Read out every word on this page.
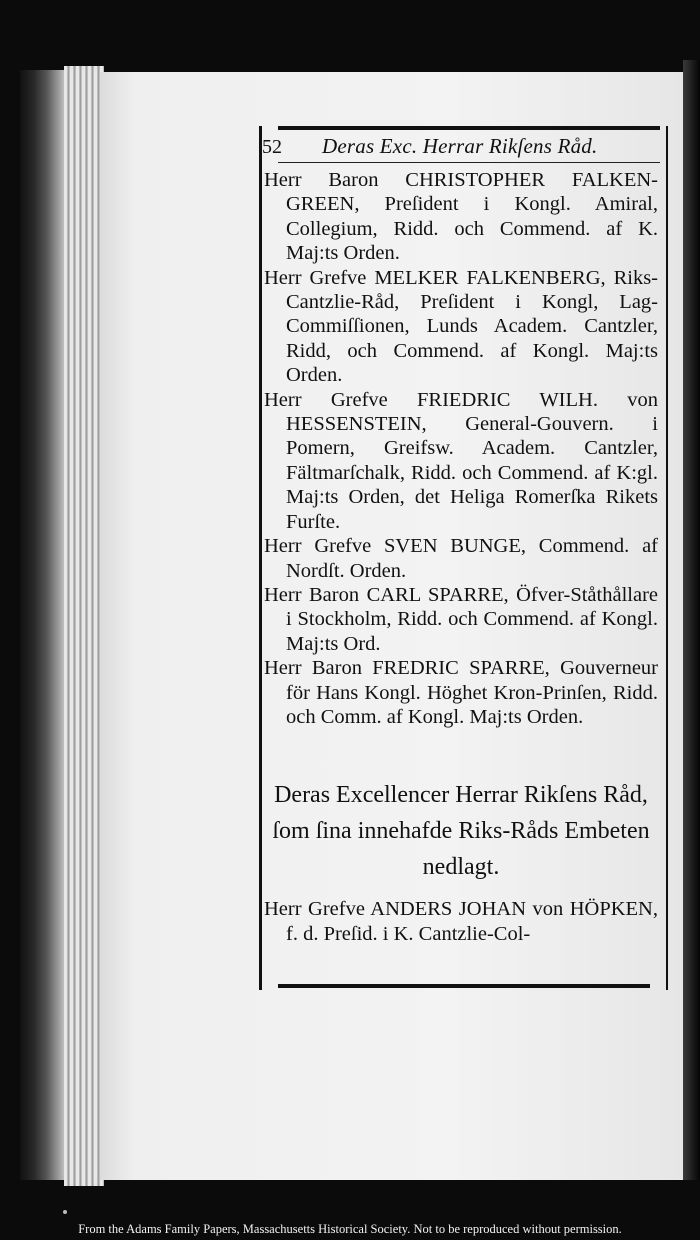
52 Deras Exc. Herrar Rikſens Råd.

Herr Baron CHRISTOPHER FALKEN-GREEN, Preſident i Kongl. Amiral, Collegium, Ridd. och Commend. af K. Maj:ts Orden.

Herr Grefve MELKER FALKENBERG, Riks-Cantzlie-Råd, Preſident i Kongl, Lag-Commiſſionen, Lunds Academ. Cantzler, Ridd, och Commend. af Kongl. Maj:ts Orden.

Herr Grefve FRIEDRIC WILH. von HESSENSTEIN, General-Gouvern. i Pomern, Greifsw. Academ. Cantzler, Fältmarſchalk, Ridd. och Commend. af K:gl. Maj:ts Orden, det Heliga Romerſka Rikets Furſte.

Herr Grefve SVEN BUNGE, Commend. af Nordſt. Orden.

Herr Baron CARL SPARRE, Öfver-Ståthållare i Stockholm, Ridd. och Commend. af Kongl. Maj:ts Ord.

Herr Baron FREDRIC SPARRE, Gouverneur för Hans Kongl. Höghet Kron-Prinſen, Ridd. och Comm. af Kongl. Maj:ts Orden.

Deras Excellencer Herrar Rikſens Råd, ſom ſina innehafde Riks-Råds Embeten nedlagt.

Herr Grefve ANDERS JOHAN von HÖPKEN, f. d. Preſid. i K. Cantzlie-Col-

From the Adams Family Papers, Massachusetts Historical Society. Not to be reproduced without permission.
